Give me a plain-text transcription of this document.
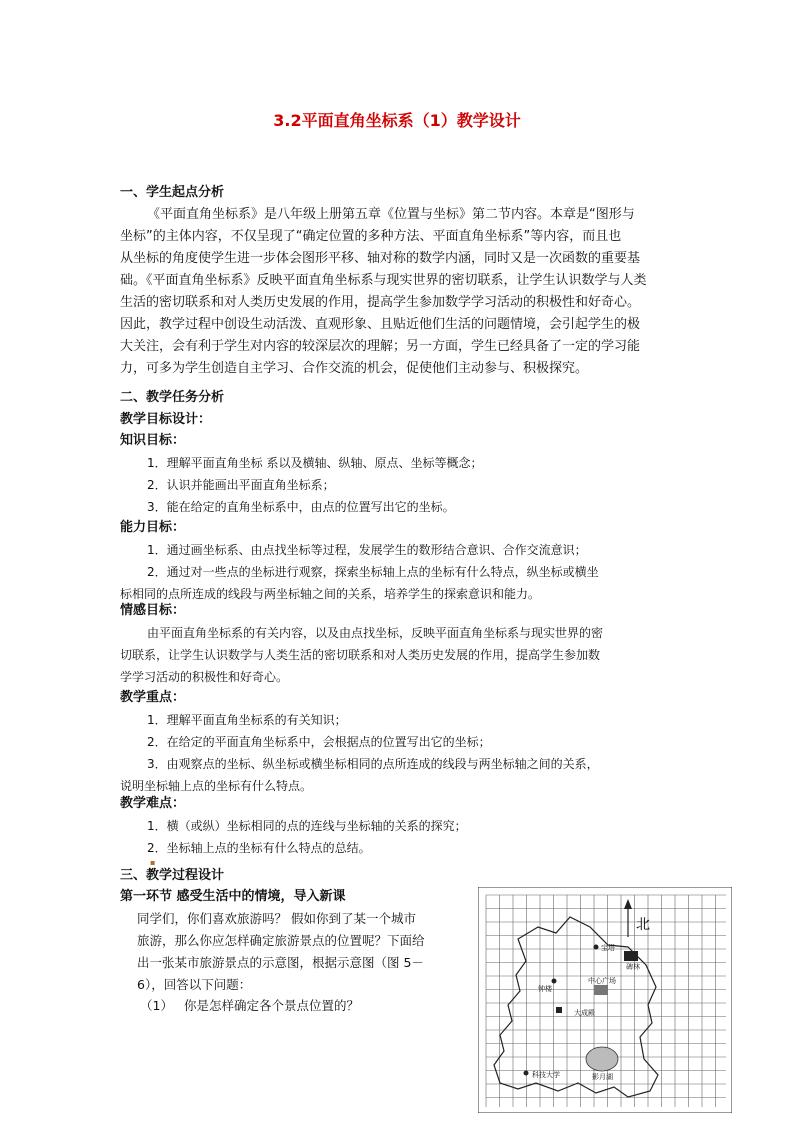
3.2平面直角坐标系（1）教学设计
一、学生起点分析
《平面直角坐标系》是八年级上册第五章《位置与坐标》第二节内容。本章是“图形与
坐标”的主体内容，不仅呈现了“确定位置的多种方法、平面直角坐标系”等内容，而且也
从坐标的角度使学生进一步体会图形平移、轴对称的数学内涵，同时又是一次函数的重要基
础。《平面直角坐标系》反映平面直角坐标系与现实世界的密切联系，让学生认识数学与人类
生活的密切联系和对人类历史发展的作用，提高学生参加数学学习活动的积极性和好奇心。
因此，教学过程中创设生动活泼、直观形象、且贴近他们生活的问题情境，会引起学生的极
大关注，会有利于学生对内容的较深层次的理解；另一方面，学生已经具备了一定的学习能
力，可多为学生创造自主学习、合作交流的机会，促使他们主动参与、积极探究。
二、教学任务分析
教学目标设计：
知识目标：
1．理解平面直角坐标 系以及横轴、纵轴、原点、坐标等概念；
2．认识并能画出平面直角坐标系；
3．能在给定的直角坐标系中，由点的位置写出它的坐标。
能力目标：
1．通过画坐标系、由点找坐标等过程，发展学生的数形结合意识、合作交流意识；
2．通过对一些点的坐标进行观察，探索坐标轴上点的坐标有什么特点，纵坐标或横坐
标相同的点所连成的线段与两坐标轴之间的关系，培养学生的探索意识和能力。
情感目标：
由平面直角坐标系的有关内容，以及由点找坐标，反映平面直角坐标系与现实世界的密
切联系，让学生认识数学与人类生活的密切联系和对人类历史发展的作用，提高学生参加数
学学习活动的积极性和好奇心。
教学重点：
1．理解平面直角坐标系的有关知识；
2．在给定的平面直角坐标系中，会根据点的位置写出它的坐标；
3．由观察点的坐标、纵坐标或横坐标相同的点所连成的线段与两坐标轴之间的关系，
说明坐标轴上点的坐标有什么特点。
教学难点：
1．横（或纵）坐标相同的点的连线与坐标轴的关系的探究；
2．坐标轴上点的坐标有什么特点的总结。
▪
三、教学过程设计
第一环节 感受生活中的情境，导入新课
同学们，你们喜欢旅游吗？ 假如你到了某一个城市
旅游，那么你应怎样确定旅游景点的位置呢？下面给
出一张某市旅游景点的示意图，根据示意图（图 5－
6），回答以下问题：
（1） 你是怎样确定各个景点位置的？
北
宝塔
碑林
中心广场
钟楼
大成殿
影月湖
科技大学
